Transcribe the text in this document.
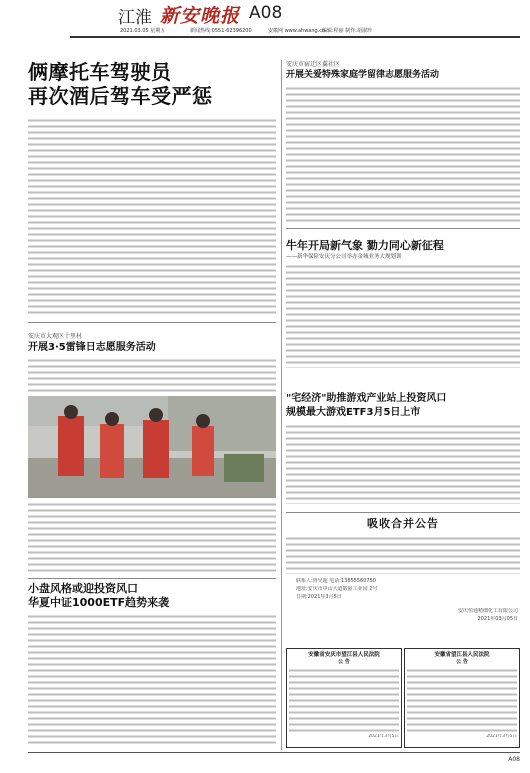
江淮 新安晚报 A08
2021.03.05 星期五	新闻热线:0551-62396200	安徽网 www.ahwang.cn
编辑:程丽 制作:胡淑珍
俩摩托车驾驶员
再次酒后驾车受严惩
安庆市大观区十里村
开展3·5雷锋日志愿服务活动
小盘风格或迎投资风口
华夏中证1000ETF趋势来袭
安庆市宿迁区翼社区
开展关爱特殊家庭学留律志愿服务活动
牛年开局新气象 勠力同心新征程
——新华保险安庆分公司举办金城业务大规划训
"宅经济"助推游戏产业站上投资风口
规模最大游戏ETF3月5日上市
吸收合并公告
联系人:鲁吴超 电话:13855560750
地址:安庆市中山大道锻丽工业园 2号
日期:2021年3月5日
安庆恒通精细化工有限公司
2021年03月05日
安徽省安庆市望江县人民法院
公 告
2021年3月5日
安徽省望江县人民法院
公 告
2021年3月5日
A08
